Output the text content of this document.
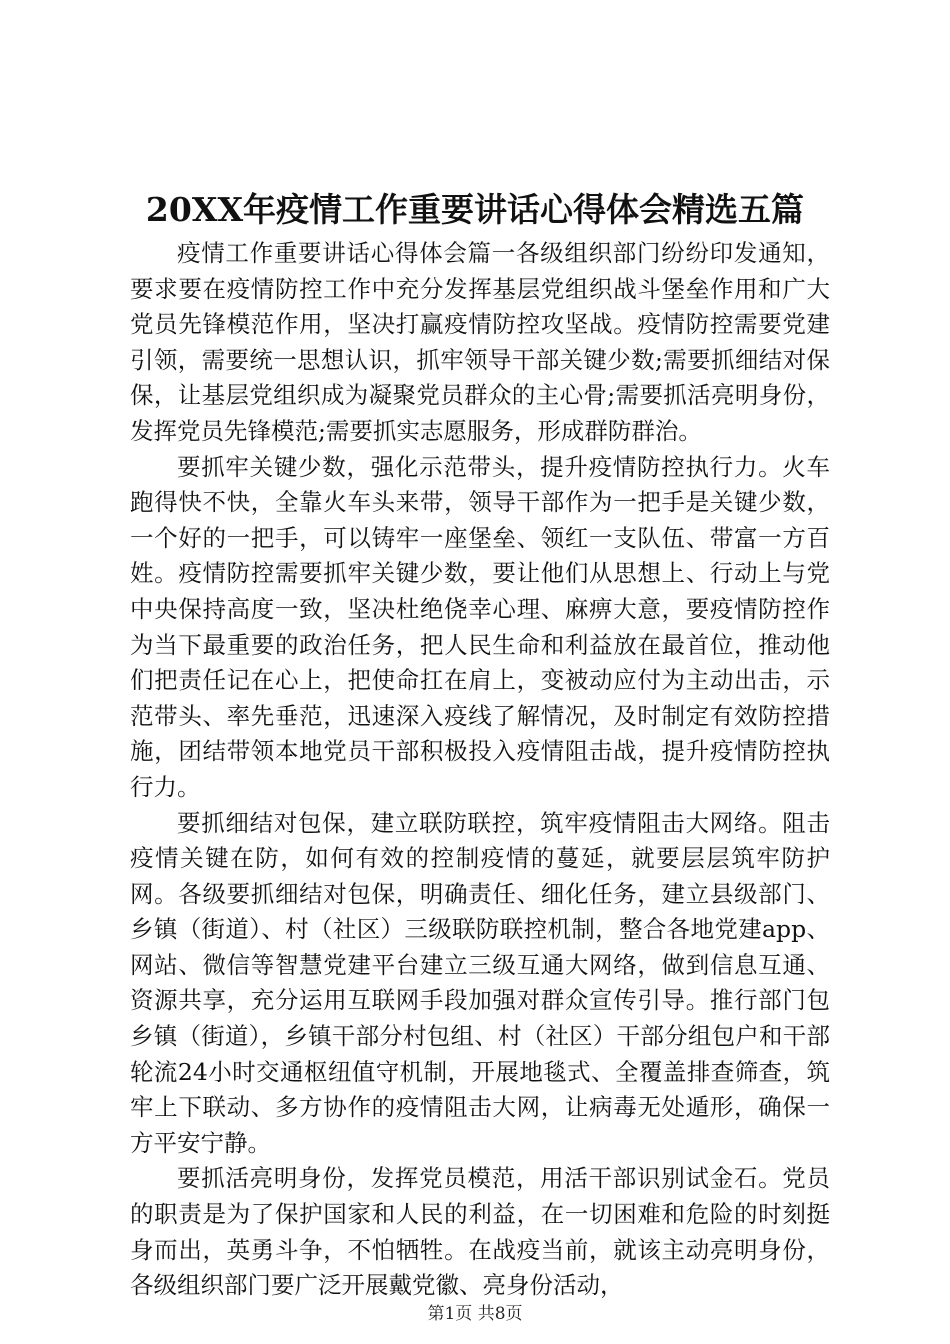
20XX年疫情工作重要讲话心得体会精选五篇

疫情工作重要讲话心得体会篇一各级组织部门纷纷印发通知，要求要在疫情防控工作中充分发挥基层党组织战斗堡垒作用和广大党员先锋模范作用，坚决打赢疫情防控攻坚战。疫情防控需要党建引领，需要统一思想认识，抓牢领导干部关键少数;需要抓细结对保保，让基层党组织成为凝聚党员群众的主心骨;需要抓活亮明身份，发挥党员先锋模范;需要抓实志愿服务，形成群防群治。

要抓牢关键少数，强化示范带头，提升疫情防控执行力。火车跑得快不快，全靠火车头来带，领导干部作为一把手是关键少数，一个好的一把手，可以铸牢一座堡垒、领红一支队伍、带富一方百姓。疫情防控需要抓牢关键少数，要让他们从思想上、行动上与党中央保持高度一致，坚决杜绝侥幸心理、麻痹大意，要疫情防控作为当下最重要的政治任务，把人民生命和利益放在最首位，推动他们把责任记在心上，把使命扛在肩上，变被动应付为主动出击，示范带头、率先垂范，迅速深入疫线了解情况，及时制定有效防控措施，团结带领本地党员干部积极投入疫情阻击战，提升疫情防控执行力。

要抓细结对包保，建立联防联控，筑牢疫情阻击大网络。阻击疫情关键在防，如何有效的控制疫情的蔓延，就要层层筑牢防护网。各级要抓细结对包保，明确责任、细化任务，建立县级部门、乡镇（街道）、村（社区）三级联防联控机制，整合各地党建app、网站、微信等智慧党建平台建立三级互通大网络，做到信息互通、资源共享，充分运用互联网手段加强对群众宣传引导。推行部门包乡镇（街道），乡镇干部分村包组、村（社区）干部分组包户和干部轮流24小时交通枢纽值守机制，开展地毯式、全覆盖排查筛查，筑牢上下联动、多方协作的疫情阻击大网，让病毒无处遁形，确保一方平安宁静。

要抓活亮明身份，发挥党员模范，用活干部识别试金石。党员的职责是为了保护国家和人民的利益，在一切困难和危险的时刻挺身而出，英勇斗争，不怕牺牲。在战疫当前，就该主动亮明身份，各级组织部门要广泛开展戴党徽、亮身份活动，

第1页 共8页
